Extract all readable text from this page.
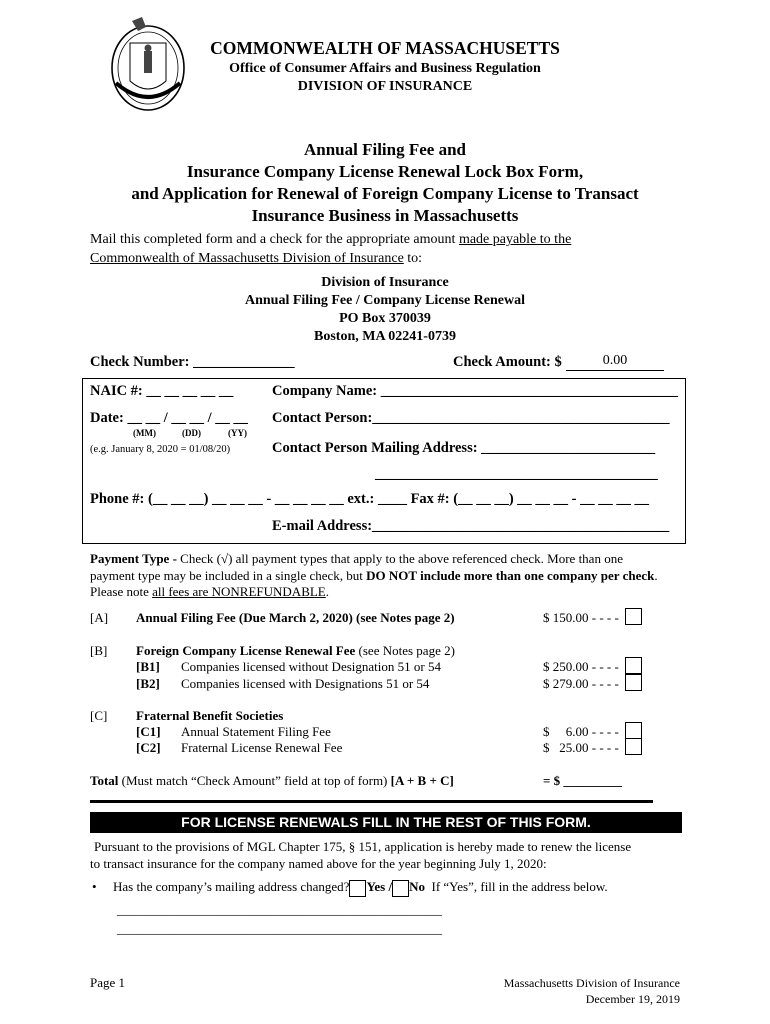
COMMONWEALTH OF MASSACHUSETTS
Office of Consumer Affairs and Business Regulation
DIVISION OF INSURANCE
Annual Filing Fee and
Insurance Company License Renewal Lock Box Form,
and Application for Renewal of Foreign Company License to Transact
Insurance Business in Massachusetts
Mail this completed form and a check for the appropriate amount made payable to the
Commonwealth of Massachusetts Division of Insurance to:
Division of Insurance
Annual Filing Fee / Company License Renewal
PO Box 370039
Boston, MA 02241-0739
Check Number: ______________	Check Amount: $	0.00
NAIC #: __ __ __ __ __	Company Name: _________________________________________
Date: __ __ / __ __ / __ __
(MM)	(DD)	(YY)
Contact Person:_________________________________________
(e.g. January 8, 2020 = 01/08/20)	Contact Person Mailing Address: ________________________
_______________________________________
Phone #: (__ __ __) __ __ __ - __ __ __ __ ext.: ____ Fax #: (__ __ __) __ __ __ - __ __ __ __
E-mail Address:_________________________________________
Payment Type - Check (√) all payment types that apply to the above referenced check. More than one payment type may be included in a single check, but DO NOT include more than one company per check. Please note all fees are NONREFUNDABLE.
[A] Annual Filing Fee (Due March 2, 2020) (see Notes page 2)	$ 150.00 - - - -
[B] Foreign Company License Renewal Fee (see Notes page 2)
[B1] Companies licensed without Designation 51 or 54	$ 250.00 - - - -
[B2] Companies licensed with Designations 51 or 54	$ 279.00 - - - -
[C] Fraternal Benefit Societies
[C1] Annual Statement Filing Fee	$     6.00 - - - -
[C2] Fraternal License Renewal Fee	$   25.00 - - - -
Total (Must match “Check Amount” field at top of form) [A + B + C]	= $ _________
FOR LICENSE RENEWALS FILL IN THE REST OF THIS FORM.
Pursuant to the provisions of MGL Chapter 175, § 151, application is hereby made to renew the license
to transact insurance for the company named above for the year beginning July 1, 2020:
• Has the company’s mailing address changed? Yes / No  If “Yes”, fill in the address below.
__________________________________________________
__________________________________________________
Page 1	Massachusetts Division of Insurance
December 19, 2019
